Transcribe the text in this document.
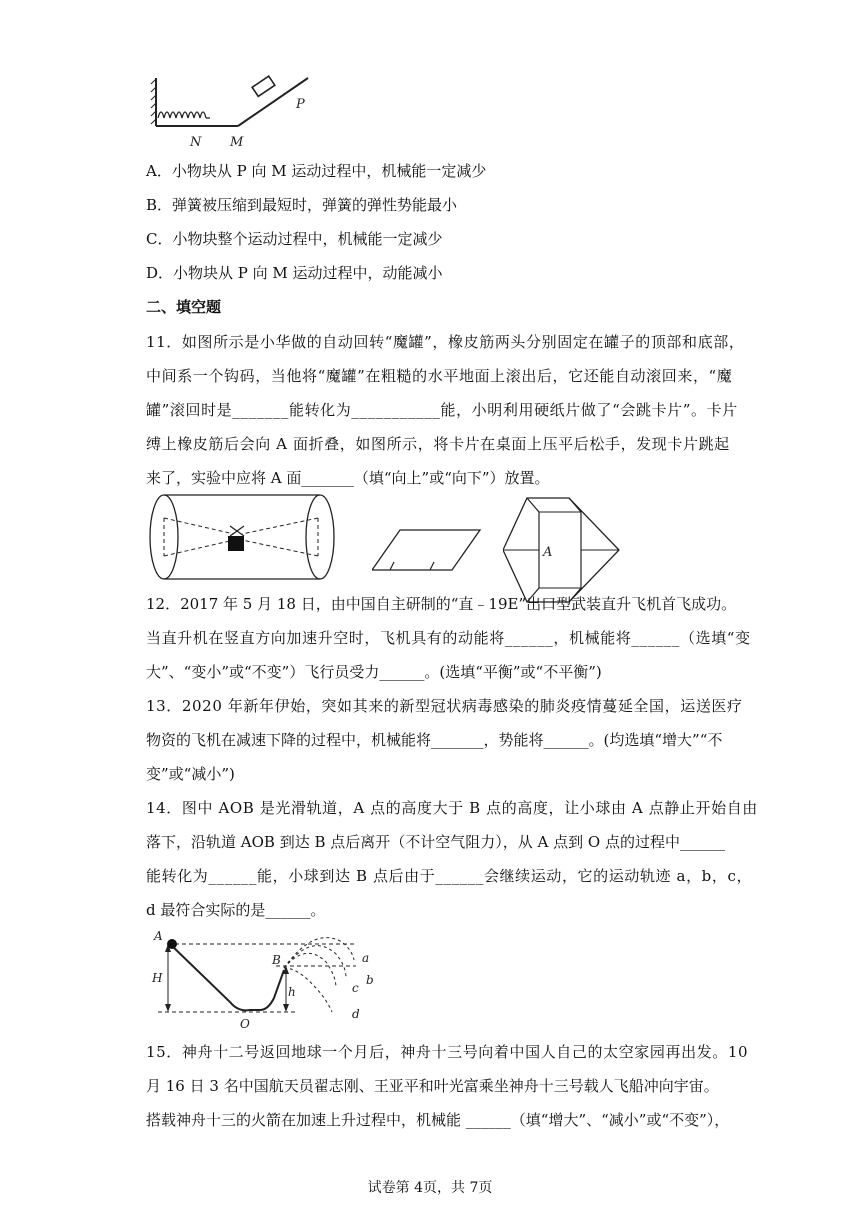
N M
P
A．小物块从 P 向 M 运动过程中，机械能一定减少
B．弹簧被压缩到最短时，弹簧的弹性势能最小
C．小物块整个运动过程中，机械能一定减少
D．小物块从 P 向 M 运动过程中，动能减小
二、填空题
11．如图所示是小华做的自动回转“魔罐”，橡皮筋两头分别固定在罐子的顶部和底部，
中间系一个钩码，当他将“魔罐”在粗糙的水平地面上滚出后，它还能自动滚回来，“魔
罐”滚回时是_______能转化为___________能，小明利用硬纸片做了“会跳卡片”。卡片
缚上橡皮筋后会向 A 面折叠，如图所示，将卡片在桌面上压平后松手，发现卡片跳起
来了，实验中应将 A 面_______（填“向上”或“向下”）放置。
A
12．2017 年 5 月 18 日，由中国自主研制的“直﹣19E”出口型武装直升飞机首飞成功。
当直升机在竖直方向加速升空时，飞机具有的动能将______，机械能将______（选填“变
大”、“变小”或“不变”）飞行员受力______。(选填“平衡”或“不平衡”)
13．2020 年新年伊始，突如其来的新型冠状病毒感染的肺炎疫情蔓延全国，运送医疗
物资的飞机在减速下降的过程中，机械能将_______，势能将______。(均选填“增大”“不
变”或“减小”)
14．图中 AOB 是光滑轨道，A 点的高度大于 B 点的高度，让小球由 A 点静止开始自由
落下，沿轨道 AOB 到达 B 点后离开（不计空气阻力），从 A 点到 O 点的过程中______
能转化为______能，小球到达 B 点后由于______会继续运动，它的运动轨迹 a，b，c，
d 最符合实际的是______。
A
B
H
h
O
a
b
c
d
15．神舟十二号返回地球一个月后，神舟十三号向着中国人自己的太空家园再出发。10
月 16 日 3 名中国航天员翟志刚、王亚平和叶光富乘坐神舟十三号载人飞船冲向宇宙。
搭载神舟十三的火箭在加速上升过程中，机械能 ______（填“增大”、“减小”或“不变”），
试卷第 4页，共 7页
